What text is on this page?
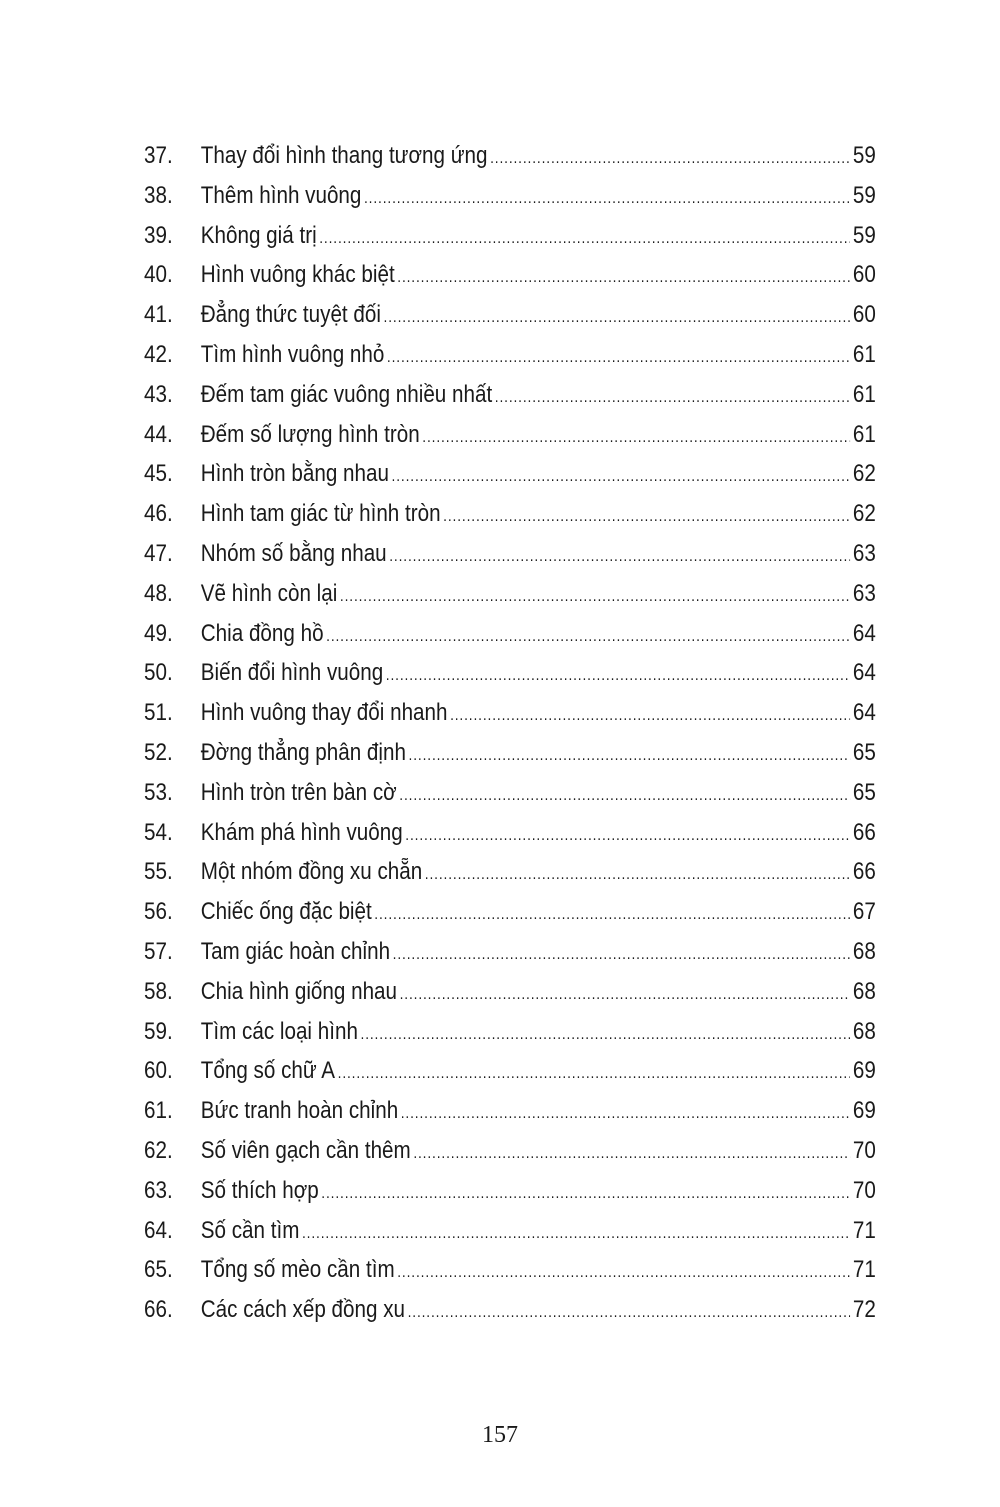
37.	Thay đổi hình thang tương ứng .....	59
38.	Thêm hình vuông .....	59
39.	Không giá trị .....	59
40.	Hình vuông khác biệt .....	60
41.	Đẳng thức tuyệt đối .....	60
42.	Tìm hình vuông nhỏ .....	61
43.	Đếm tam giác vuông nhiều nhất .....	61
44.	Đếm số lượng hình tròn .....	61
45.	Hình tròn bằng nhau .....	62
46.	Hình tam giác từ hình tròn .....	62
47.	Nhóm số bằng nhau .....	63
48.	Vẽ hình còn lại .....	63
49.	Chia đồng hồ .....	64
50.	Biến đổi hình vuông .....	64
51.	Hình vuông thay đổi nhanh .....	64
52.	Đờng thẳng phân định .....	65
53.	Hình tròn trên bàn cờ .....	65
54.	Khám phá hình vuông .....	66
55.	Một nhóm đồng xu chẵn .....	66
56.	Chiếc ống đặc biệt .....	67
57.	Tam giác hoàn chỉnh .....	68
58.	Chia hình giống nhau .....	68
59.	Tìm các loại hình .....	68
60.	Tổng số chữ A .....	69
61.	Bức tranh hoàn chỉnh .....	69
62.	Số viên gạch cần thêm .....	70
63.	Số thích hợp .....	70
64.	Số cần tìm .....	71
65.	Tổng số mèo cần tìm .....	71
66.	Các cách xếp đồng xu .....	72
157
